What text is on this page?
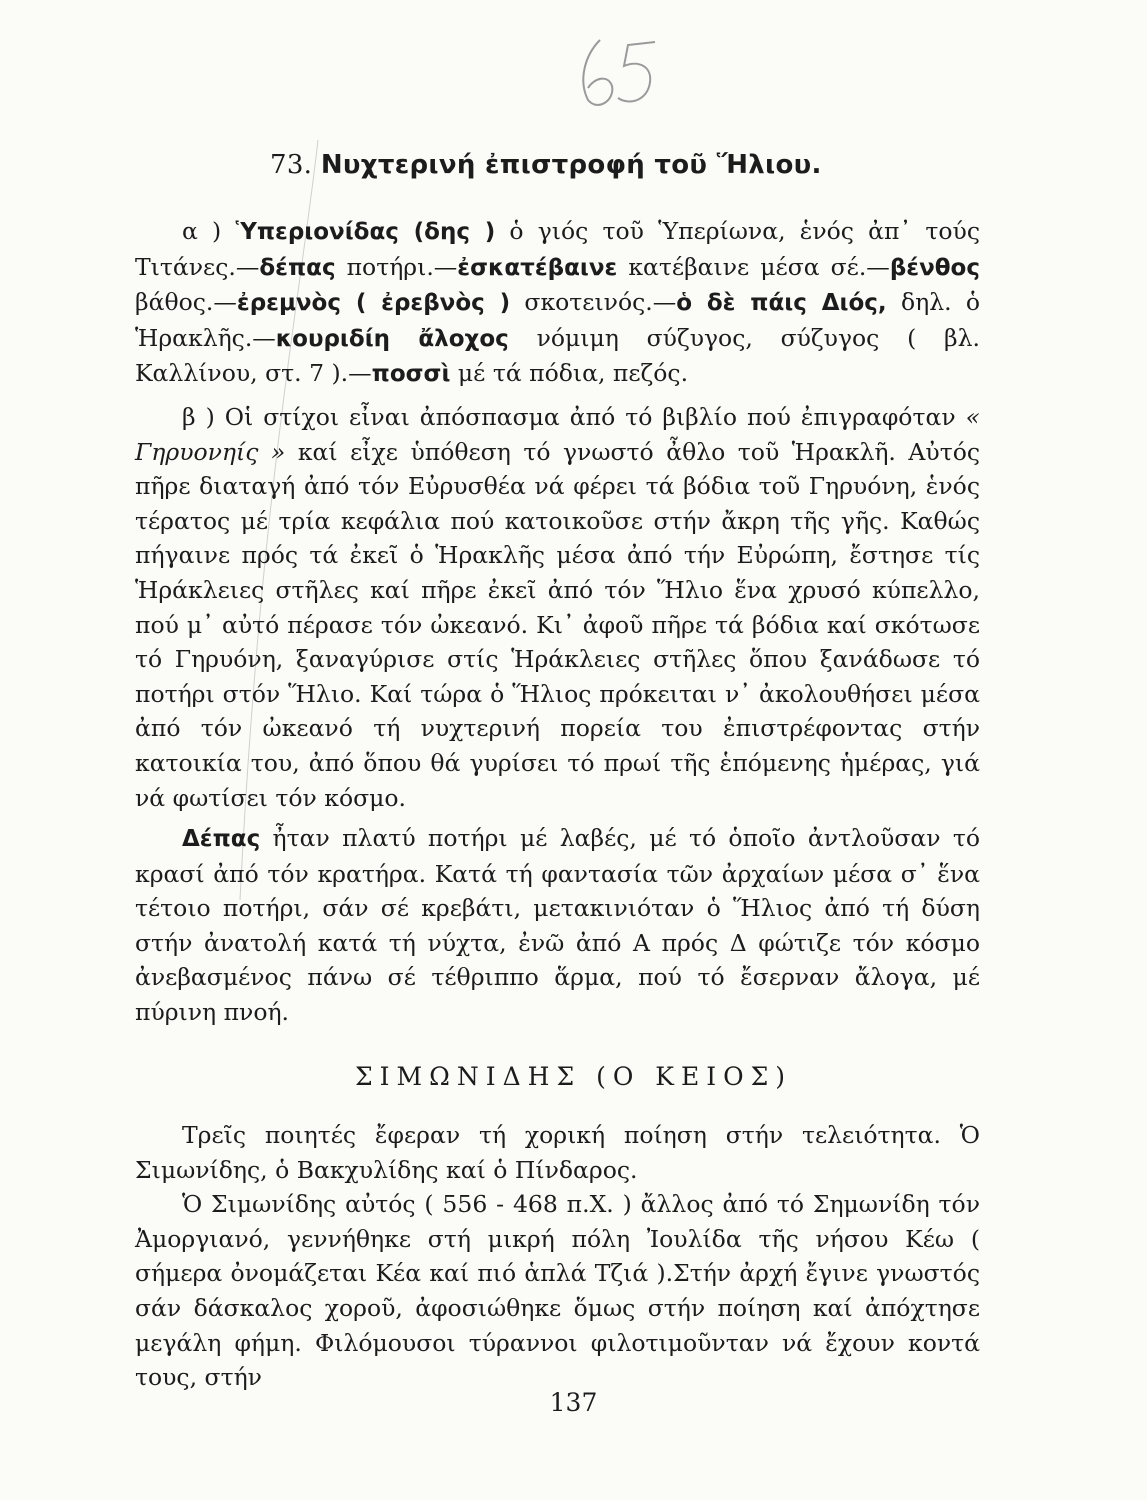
73. Νυχτερινή ἐπιστροφή τοῦ Ἥλιου.

α ) Ὑπεριονίδας (δης ) ὁ γιός τοῦ Ὑπερίωνα, ἑνός ἀπ᾽ τούς Τιτάνες.—δέπας ποτήρι.—ἐσκατέβαινε κατέβαινε μέσα σέ.—βένθος βάθος.—ἐρεμνὸς ( ἐρεβνὸς ) σκοτεινός.—ὁ δὲ πάις Διός, δηλ. ὁ Ἡρακλῆς.—κουριδίη ἄλοχος νόμιμη σύζυγος, σύζυγος ( βλ. Καλλίνου, στ. 7 ).—ποσσὶ μέ τά πόδια, πεζός.

β ) Οἱ στίχοι εἶναι ἀπόσπασμα ἀπό τό βιβλίο πού ἐπιγραφόταν « Γηρυονηίς » καί εἶχε ὑπόθεση τό γνωστό ἆθλο τοῦ Ἡρακλῆ. Αὐτός πῆρε διαταγή ἀπό τόν Εὐρυσθέα νά φέρει τά βόδια τοῦ Γηρυόνη, ἑνός τέρατος μέ τρία κεφάλια πού κατοικοῦσε στήν ἄκρη τῆς γῆς. Καθώς πήγαινε πρός τά ἐκεῖ ὁ Ἡρακλῆς μέσα ἀπό τήν Εὐρώπη, ἔστησε τίς Ἡράκλειες στῆλες καί πῆρε ἐκεῖ ἀπό τόν Ἥλιο ἕνα χρυσό κύπελλο, πού μ᾽ αὐτό πέρασε τόν ὠκεανό. Κι᾽ ἀφοῦ πῆρε τά βόδια καί σκότωσε τό Γηρυόνη, ξαναγύρισε στίς Ἡράκλειες στῆλες ὅπου ξανάδωσε τό ποτήρι στόν Ἥλιο. Καί τώρα ὁ Ἥλιος πρόκειται ν᾽ ἀκολουθήσει μέσα ἀπό τόν ὠκεανό τή νυχτερινή πορεία του ἐπιστρέφοντας στήν κατοικία του, ἀπό ὅπου θά γυρίσει τό πρωί τῆς ἑπόμενης ἡμέρας, γιά νά φωτίσει τόν κόσμο.

Δέπας ἦταν πλατύ ποτήρι μέ λαβές, μέ τό ὁποῖο ἀντλοῦσαν τό κρασί ἀπό τόν κρατήρα. Κατά τή φαντασία τῶν ἀρχαίων μέσα σ᾽ ἕνα τέτοιο ποτήρι, σάν σέ κρεβάτι, μετακινιόταν ὁ Ἥλιος ἀπό τή δύση στήν ἀνατολή κατά τή νύχτα, ἐνῶ ἀπό Α πρός Δ φώτιζε τόν κόσμο ἀνεβασμένος πάνω σέ τέθριππο ἅρμα, πού τό ἔσερναν ἄλογα, μέ πύρινη πνοή.

ΣΙΜΩΝΙΔΗΣ (Ο ΚΕΙΟΣ)

Τρεῖς ποιητές ἔφεραν τή χορική ποίηση στήν τελειότητα. Ὁ Σιμωνίδης, ὁ Βακχυλίδης καί ὁ Πίνδαρος.

Ὁ Σιμωνίδης αὐτός ( 556 - 468 π.Χ. ) ἄλλος ἀπό τό Σημωνίδη τόν Ἀμοργιανό, γεννήθηκε στή μικρή πόλη Ἰουλίδα τῆς νήσου Κέω ( σήμερα ὀνομάζεται Κέα καί πιό ἁπλά Τζιά ).Στήν ἀρχή ἔγινε γνωστός σάν δάσκαλος χοροῦ, ἀφοσιώθηκε ὅμως στήν ποίηση καί ἀπόχτησε μεγάλη φήμη. Φιλόμουσοι τύραννοι φιλοτιμοῦνταν νά ἔχουν κοντά τους, στήν

137
